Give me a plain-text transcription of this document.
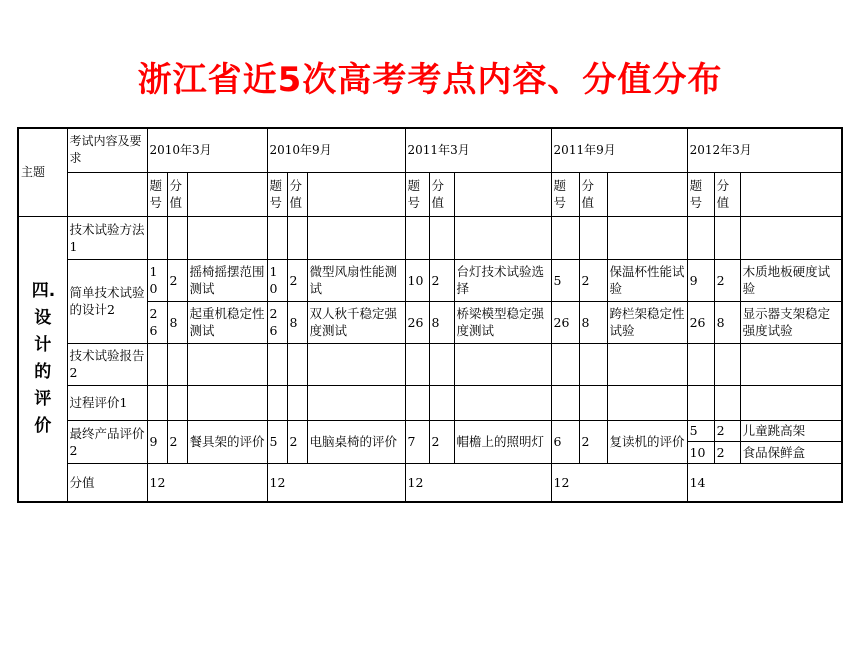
浙江省近5次高考考点内容、分值分布
主题	考试内容及要求	2010年3月			2010年9月			2011年3月			2011年9月			2012年3月		
		题号	分值		题号	分值		题号	分值		题号	分值		题号	分值	
四.设计的评价	技术试验方法1															
	简单技术试验的设计2	10	2	摇椅摇摆范围测试	10	2	微型风扇性能测试	10	2	台灯技术试验选择	5	2	保温杯性能试验	9	2	木质地板硬度试验
		26	8	起重机稳定性测试	26	8	双人秋千稳定强度测试	26	8	桥梁模型稳定强度测试	26	8	跨栏架稳定性试验	26	8	显示器支架稳定强度试验
	技术试验报告2															
	过程评价1															
	最终产品评价2	9	2	餐具架的评价	5	2	电脑桌椅的评价	7	2	帽檐上的照明灯	6	2	复读机的评价	5	2	儿童跳高架
														10	2	食品保鲜盒
	分值	12			12			12			12			14		
